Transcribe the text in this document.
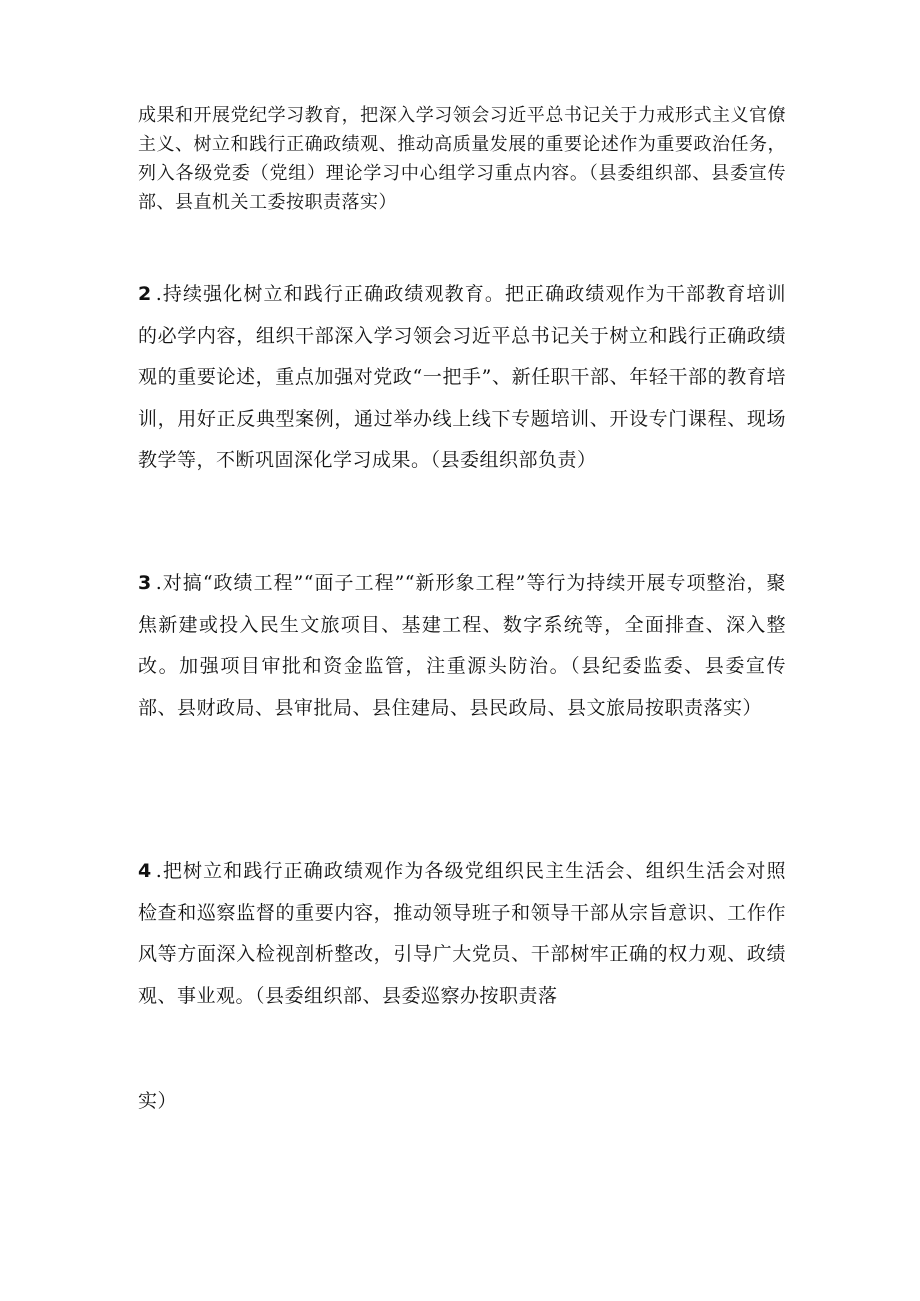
成果和开展党纪学习教育，把深入学习领会习近平总书记关于力戒形式主义官僚主义、树立和践行正确政绩观、推动高质量发展的重要论述作为重要政治任务，列入各级党委（党组）理论学习中心组学习重点内容。（县委组织部、县委宣传部、县直机关工委按职责落实）

2 .持续强化树立和践行正确政绩观教育。把正确政绩观作为干部教育培训的必学内容，组织干部深入学习领会习近平总书记关于树立和践行正确政绩观的重要论述，重点加强对党政“一把手”、新任职干部、年轻干部的教育培训，用好正反典型案例，通过举办线上线下专题培训、开设专门课程、现场教学等，不断巩固深化学习成果。（县委组织部负责）

3 .对搞“政绩工程”“面子工程”“新形象工程”等行为持续开展专项整治，聚焦新建或投入民生文旅项目、基建工程、数字系统等，全面排查、深入整改。加强项目审批和资金监管，注重源头防治。（县纪委监委、县委宣传部、县财政局、县审批局、县住建局、县民政局、县文旅局按职责落实）

4 .把树立和践行正确政绩观作为各级党组织民主生活会、组织生活会对照检查和巡察监督的重要内容，推动领导班子和领导干部从宗旨意识、工作作风等方面深入检视剖析整改，引导广大党员、干部树牢正确的权力观、政绩观、事业观。（县委组织部、县委巡察办按职责落

实）
